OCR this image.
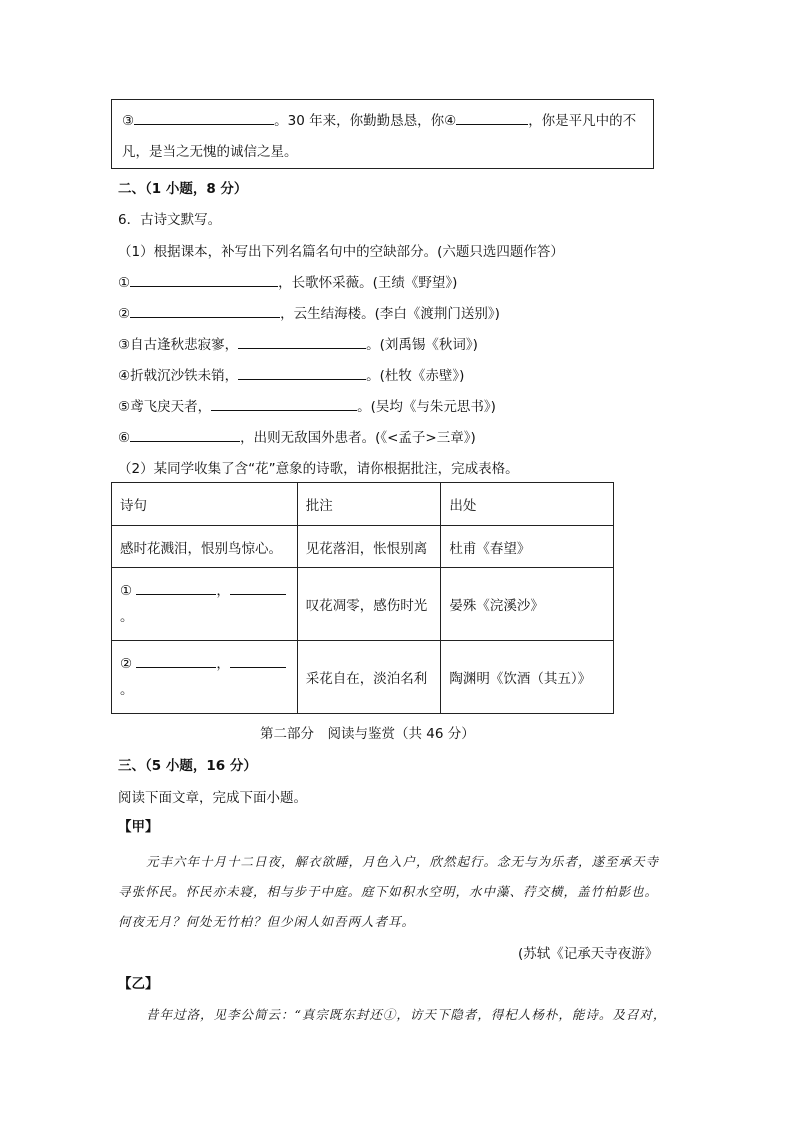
③	。30 年来，你勤勤恳恳，你④	，你是平凡中的不
凡，是当之无愧的诚信之星。
二、（1 小题，8 分）
6．古诗文默写。
（1）根据课本，补写出下列名篇名句中的空缺部分。(六题只选四题作答）
①	，长歌怀采薇。(王绩《野望》)
②	，云生结海楼。(李白《渡荆门送别》)
③自古逢秋悲寂寥，	。(刘禹锡《秋词》)
④折戟沉沙铁未销，	。(杜牧《赤壁》)
⑤鸢飞戾天者，	。(吴均《与朱元思书》)
⑥	，出则无敌国外患者。(《<孟子>三章》)
（2）某同学收集了含“花”意象的诗歌，请你根据批注，完成表格。
诗句	批注	出处
感时花溅泪，恨别鸟惊心。	见花落泪，怅恨别离	杜甫《春望》
① ，
。	叹花凋零，感伤时光	晏殊《浣溪沙》
② ，
。	采花自在，淡泊名利	陶渊明《饮酒（其五）》
第二部分　阅读与鉴赏（共 46 分）
三、（5 小题，16 分）
阅读下面文章，完成下面小题。
【甲】
元丰六年十月十二日夜，解衣欲睡，月色入户，欣然起行。念无与为乐者，遂至承天寺
寻张怀民。怀民亦未寝，相与步于中庭。庭下如积水空明，水中藻、荇交横，盖竹柏影也。
何夜无月？何处无竹柏？但少闲人如吾两人者耳。
(苏轼《记承天寺夜游》
【乙】
昔年过洛，见李公简云：“真宗既东封还①，访天下隐者，得杞人杨朴，能诗。及召对，
